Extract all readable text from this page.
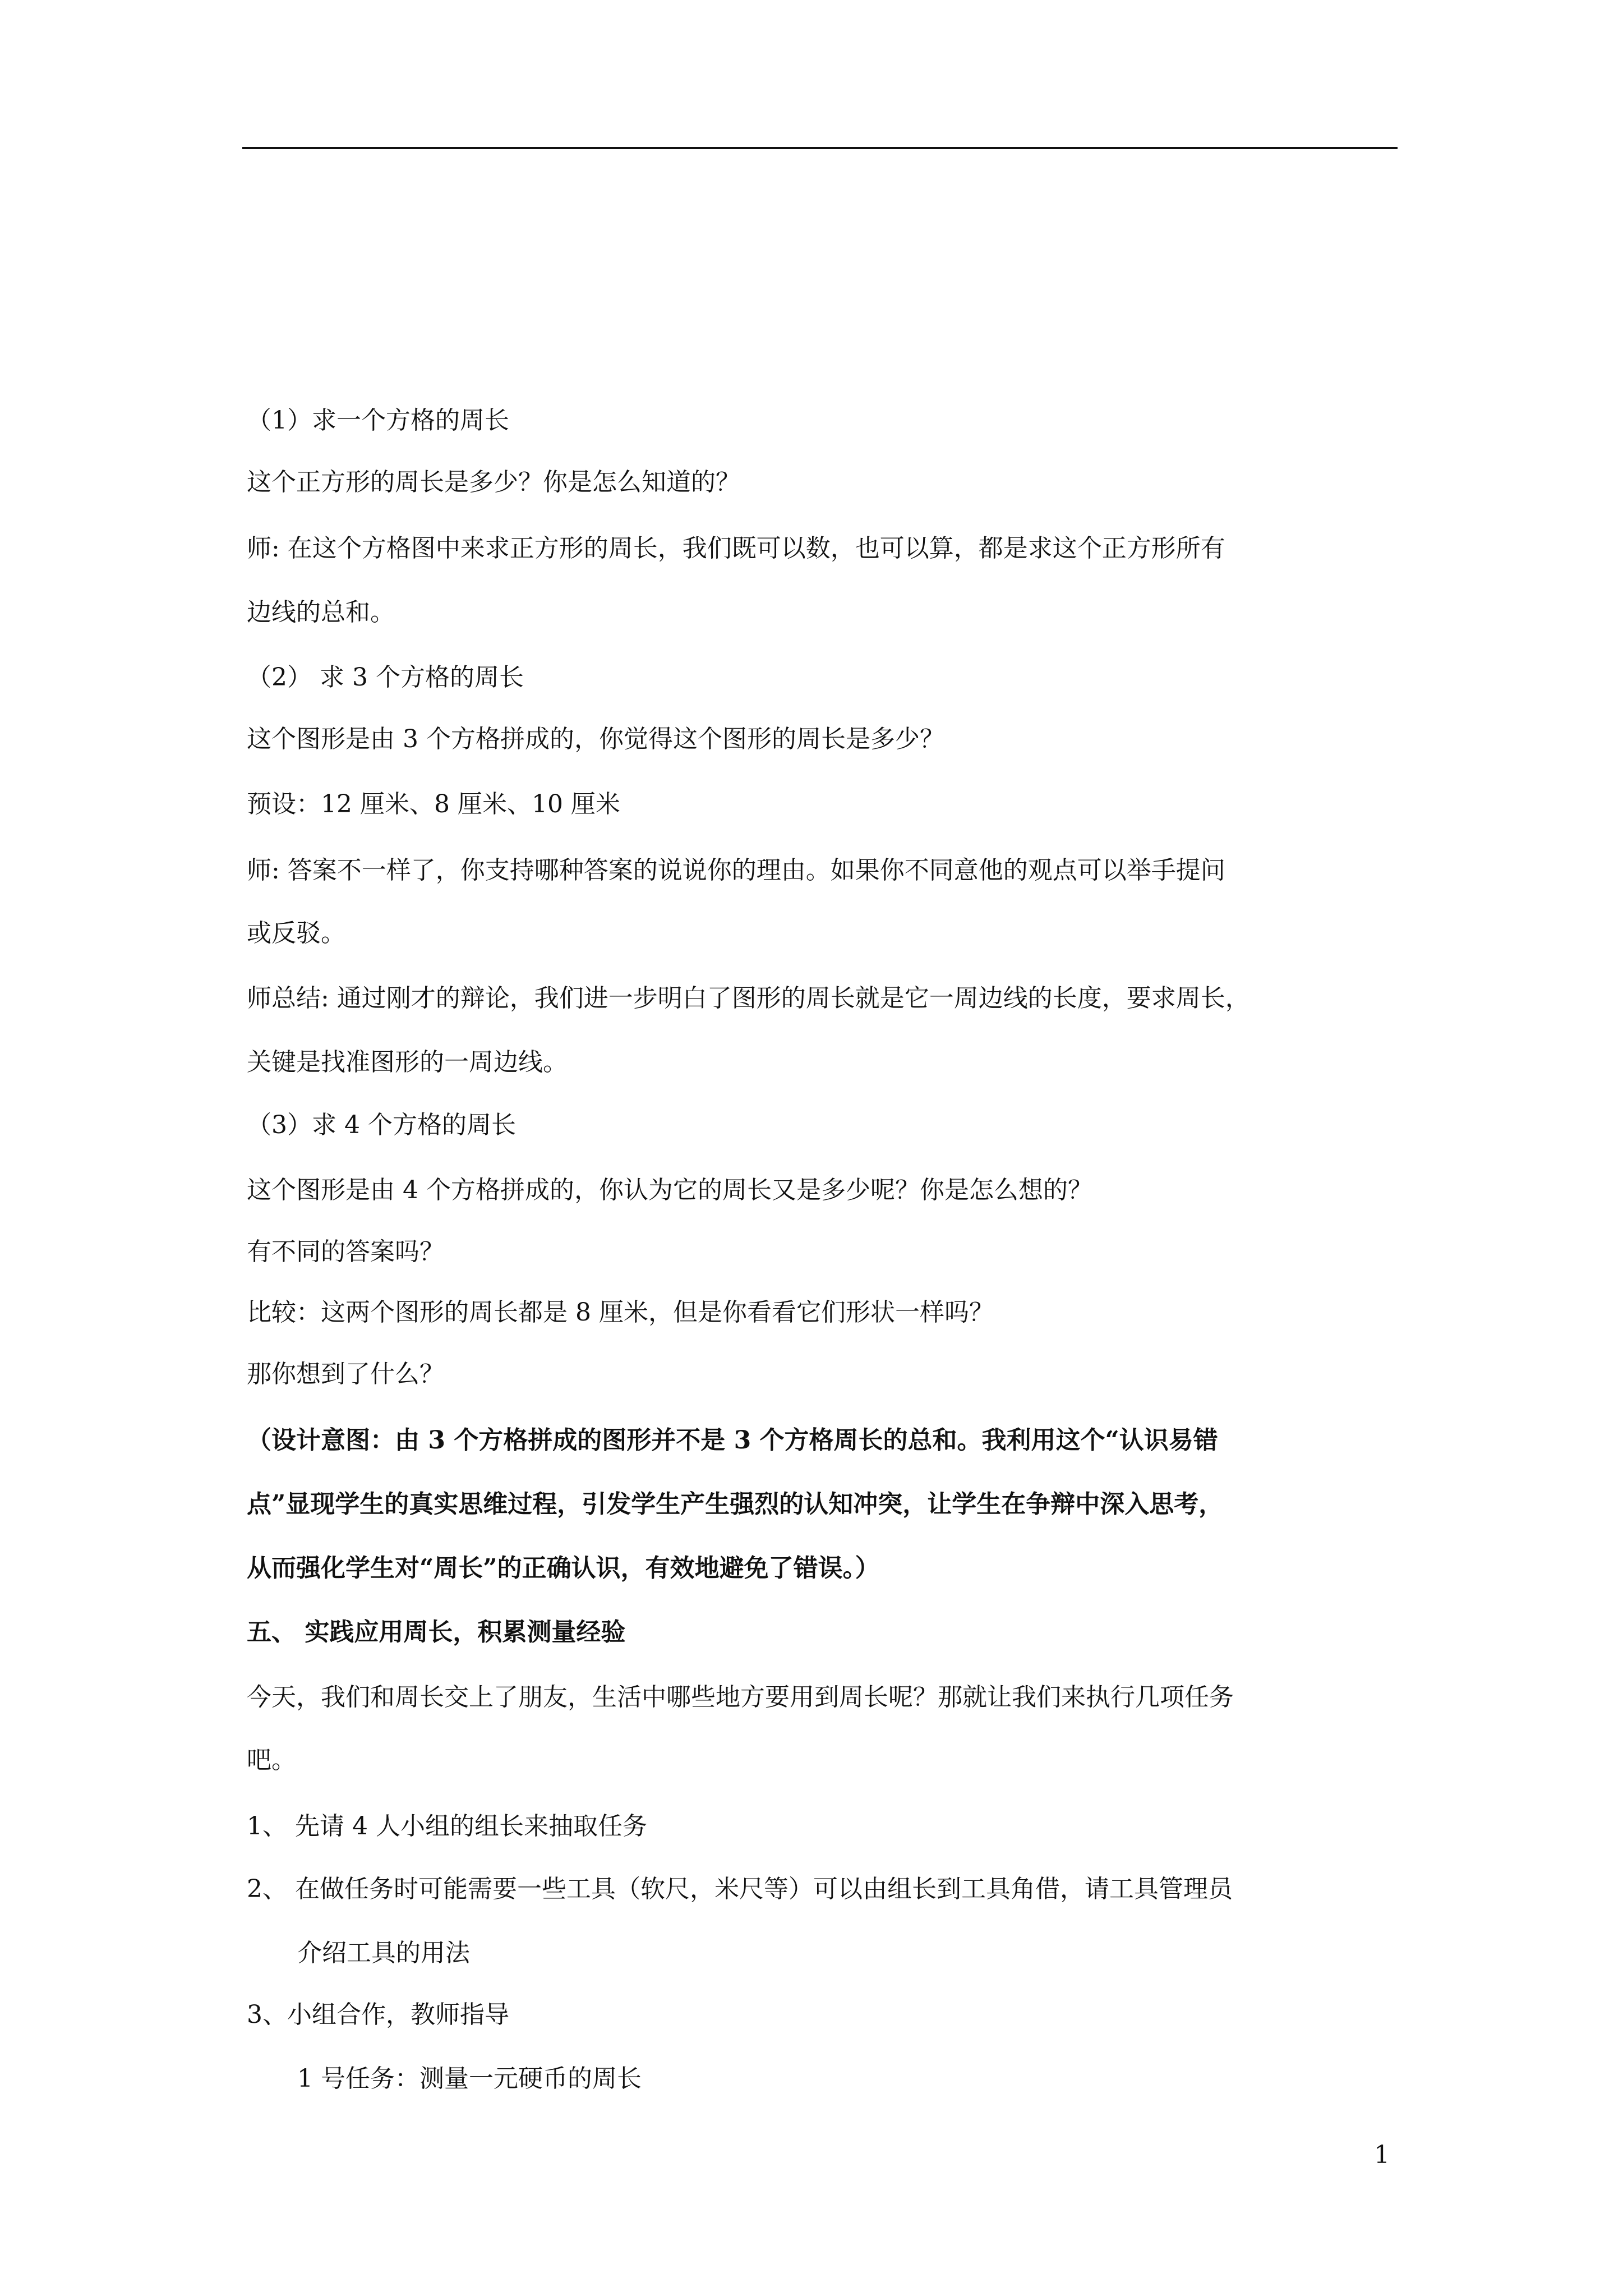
（1）求一个方格的周长
这个正方形的周长是多少？你是怎么知道的？
师: 在这个方格图中来求正方形的周长，我们既可以数，也可以算，都是求这个正方形所有
边线的总和。
（2） 求 3 个方格的周长
这个图形是由 3 个方格拼成的，你觉得这个图形的周长是多少？
预设：12 厘米、8 厘米、10 厘米
师: 答案不一样了，你支持哪种答案的说说你的理由。如果你不同意他的观点可以举手提问
或反驳。
师总结: 通过刚才的辩论，我们进一步明白了图形的周长就是它一周边线的长度，要求周长，
关键是找准图形的一周边线。
（3）求 4 个方格的周长
这个图形是由 4 个方格拼成的，你认为它的周长又是多少呢？你是怎么想的？
有不同的答案吗？
比较：这两个图形的周长都是 8 厘米，但是你看看它们形状一样吗？
那你想到了什么？
（设计意图：由 3 个方格拼成的图形并不是 3 个方格周长的总和。我利用这个“认识易错
点”显现学生的真实思维过程，引发学生产生强烈的认知冲突，让学生在争辩中深入思考，
从而强化学生对“周长”的正确认识，有效地避免了错误。）
五、 实践应用周长，积累测量经验
今天，我们和周长交上了朋友，生活中哪些地方要用到周长呢？那就让我们来执行几项任务
吧。
1、 先请 4 人小组的组长来抽取任务
2、 在做任务时可能需要一些工具（软尺，米尺等）可以由组长到工具角借，请工具管理员
介绍工具的用法
3、小组合作，教师指导
1 号任务：测量一元硬币的周长
1
